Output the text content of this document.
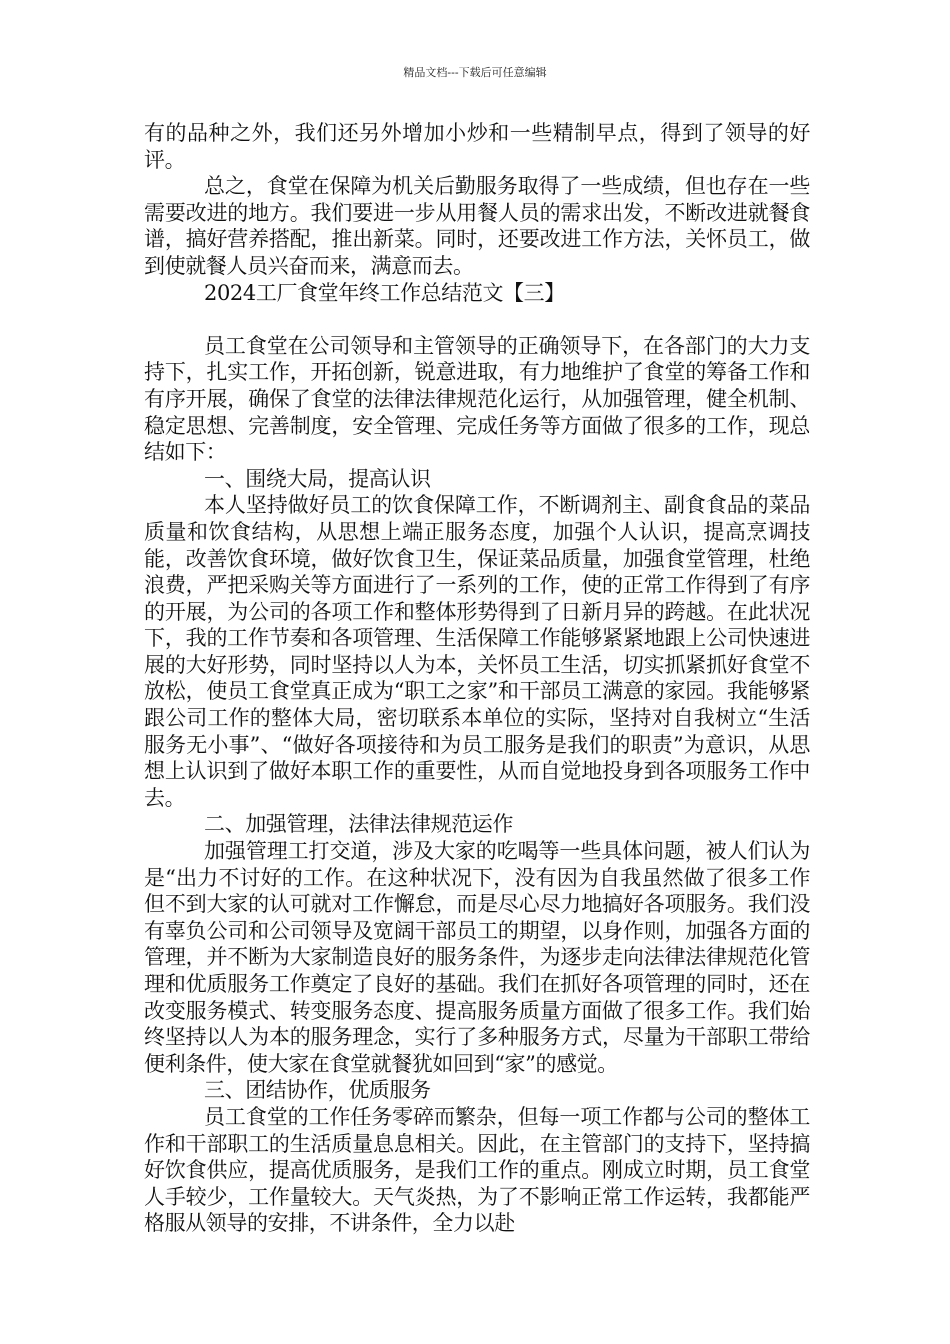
精品文档---下载后可任意编辑

有的品种之外，我们还另外增加小炒和一些精制早点，得到了领导的好评。

总之，食堂在保障为机关后勤服务取得了一些成绩，但也存在一些需要改进的地方。我们要进一步从用餐人员的需求出发，不断改进就餐食谱，搞好营养搭配，推出新菜。同时，还要改进工作方法，关怀员工，做到使就餐人员兴奋而来，满意而去。

2024工厂食堂年终工作总结范文【三】

员工食堂在公司领导和主管领导的正确领导下，在各部门的大力支持下，扎实工作，开拓创新，锐意进取，有力地维护了食堂的筹备工作和有序开展，确保了食堂的法律法律规范化运行，从加强管理，健全机制、稳定思想、完善制度，安全管理、完成任务等方面做了很多的工作，现总结如下：

一、围绕大局，提高认识

本人坚持做好员工的饮食保障工作，不断调剂主、副食食品的菜品质量和饮食结构，从思想上端正服务态度，加强个人认识，提高烹调技能，改善饮食环境，做好饮食卫生，保证菜品质量，加强食堂管理，杜绝浪费，严把采购关等方面进行了一系列的工作，使的正常工作得到了有序的开展，为公司的各项工作和整体形势得到了日新月异的跨越。在此状况下，我的工作节奏和各项管理、生活保障工作能够紧紧地跟上公司快速进展的大好形势，同时坚持以人为本，关怀员工生活，切实抓紧抓好食堂不放松，使员工食堂真正成为“职工之家”和干部员工满意的家园。我能够紧跟公司工作的整体大局，密切联系本单位的实际，坚持对自我树立“生活服务无小事”、“做好各项接待和为员工服务是我们的职责”为意识，从思想上认识到了做好本职工作的重要性，从而自觉地投身到各项服务工作中去。

二、加强管理，法律法律规范运作

加强管理工打交道，涉及大家的吃喝等一些具体问题，被人们认为是“出力不讨好的工作。在这种状况下，没有因为自我虽然做了很多工作但不到大家的认可就对工作懈怠，而是尽心尽力地搞好各项服务。我们没有辜负公司和公司领导及宽阔干部员工的期望，以身作则，加强各方面的管理，并不断为大家制造良好的服务条件，为逐步走向法律法律规范化管理和优质服务工作奠定了良好的基础。我们在抓好各项管理的同时，还在改变服务模式、转变服务态度、提高服务质量方面做了很多工作。我们始终坚持以人为本的服务理念，实行了多种服务方式，尽量为干部职工带给便利条件，使大家在食堂就餐犹如回到“家”的感觉。

三、团结协作，优质服务

员工食堂的工作任务零碎而繁杂，但每一项工作都与公司的整体工作和干部职工的生活质量息息相关。因此，在主管部门的支持下，坚持搞好饮食供应，提高优质服务，是我们工作的重点。刚成立时期，员工食堂人手较少，工作量较大。天气炎热，为了不影响正常工作运转，我都能严格服从领导的安排，不讲条件，全力以赴
